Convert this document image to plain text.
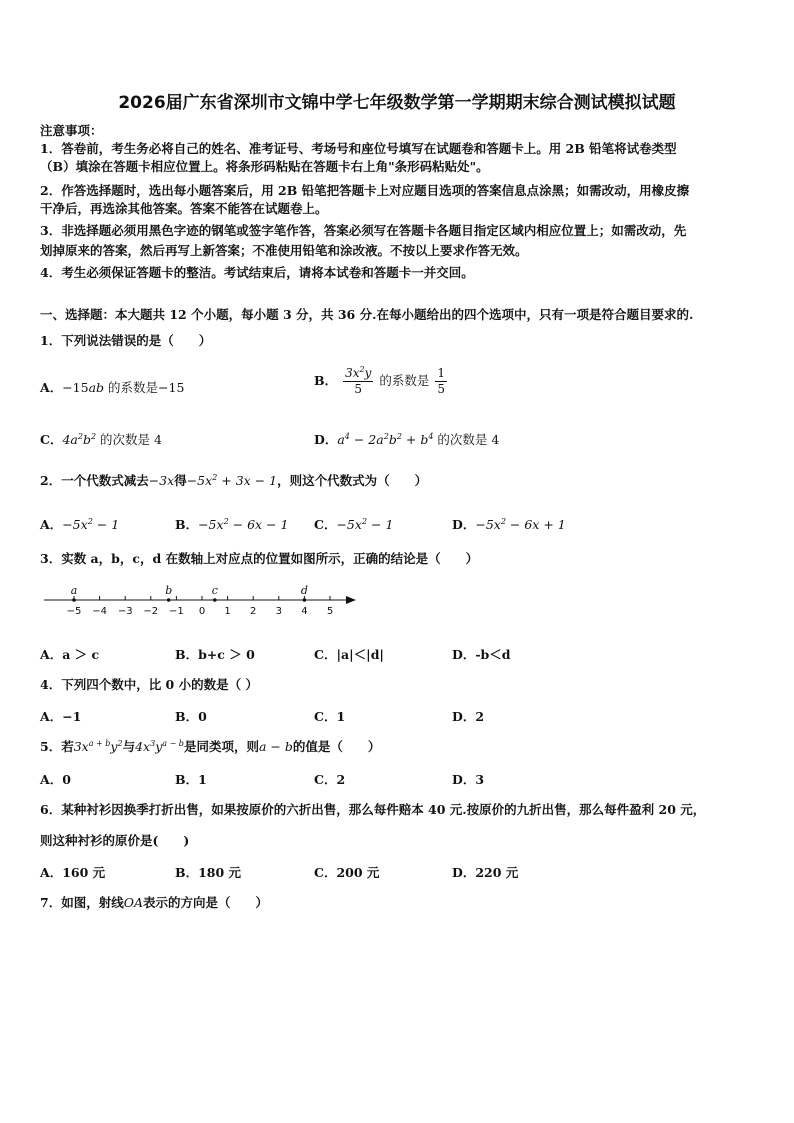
2026届广东省深圳市文锦中学七年级数学第一学期期末综合测试模拟试题
注意事项：
1．答卷前，考生务必将自己的姓名、准考证号、考场号和座位号填写在试题卷和答题卡上。用 2B 铅笔将试卷类型
（B）填涂在答题卡相应位置上。将条形码粘贴在答题卡右上角"条形码粘贴处"。
2．作答选择题时，选出每小题答案后，用 2B 铅笔把答题卡上对应题目选项的答案信息点涂黑；如需改动，用橡皮擦
干净后，再选涂其他答案。答案不能答在试题卷上。
3．非选择题必须用黑色字迹的钢笔或签字笔作答，答案必须写在答题卡各题目指定区域内相应位置上；如需改动，先
划掉原来的答案，然后再写上新答案；不准使用铅笔和涂改液。不按以上要求作答无效。
4．考生必须保证答题卡的整洁。考试结束后，请将本试卷和答题卡一并交回。
一、选择题：本大题共 12 个小题，每小题 3 分，共 36 分.在每小题给出的四个选项中，只有一项是符合题目要求的.
1．下列说法错误的是（　　）
A．−15ab 的系数是−15	B． $\frac{3x^2y}{5}$ 的系数是 $\frac{1}{5}$
C．$4a^2b^2$ 的次数是 4	D．$a^4 - 2a^2b^2 + b^4$ 的次数是 4
2．一个代数式减去−3x得$-5x^2 + 3x - 1$，则这个代数式为（　　）
A．$-5x^2 - 1$	B．$-5x^2 - 6x - 1$ C．$-5x^2 - 1$	D．$-5x^2 - 6x + 1$
3．实数 a，b，c，d 在数轴上对应点的位置如图所示，正确的结论是（　　）
−5 −4 −3 −2 −1 0 1 2 3 4 5
a	b	c	d
A．a ＞ c	B．b+c ＞ 0	C．|a|＜|d|	D．-b＜d
4．下列四个数中，比 0 小的数是（ ）
A．−1	B．0	C．1	D．2
5．若$3x^{a + b}y^2$与$4x^3y^{a - b}$是同类项，则a − b的值是（　　）
A．0	B．1	C．2	D．3
6．某种衬衫因换季打折出售，如果按原价的六折出售，那么每件赔本 40 元.按原价的九折出售，那么每件盈利 20 元，
则这种衬衫的原价是(　　)
A．160 元	B．180 元	C．200 元	D．220 元
7．如图，射线OA表示的方向是（　　）
